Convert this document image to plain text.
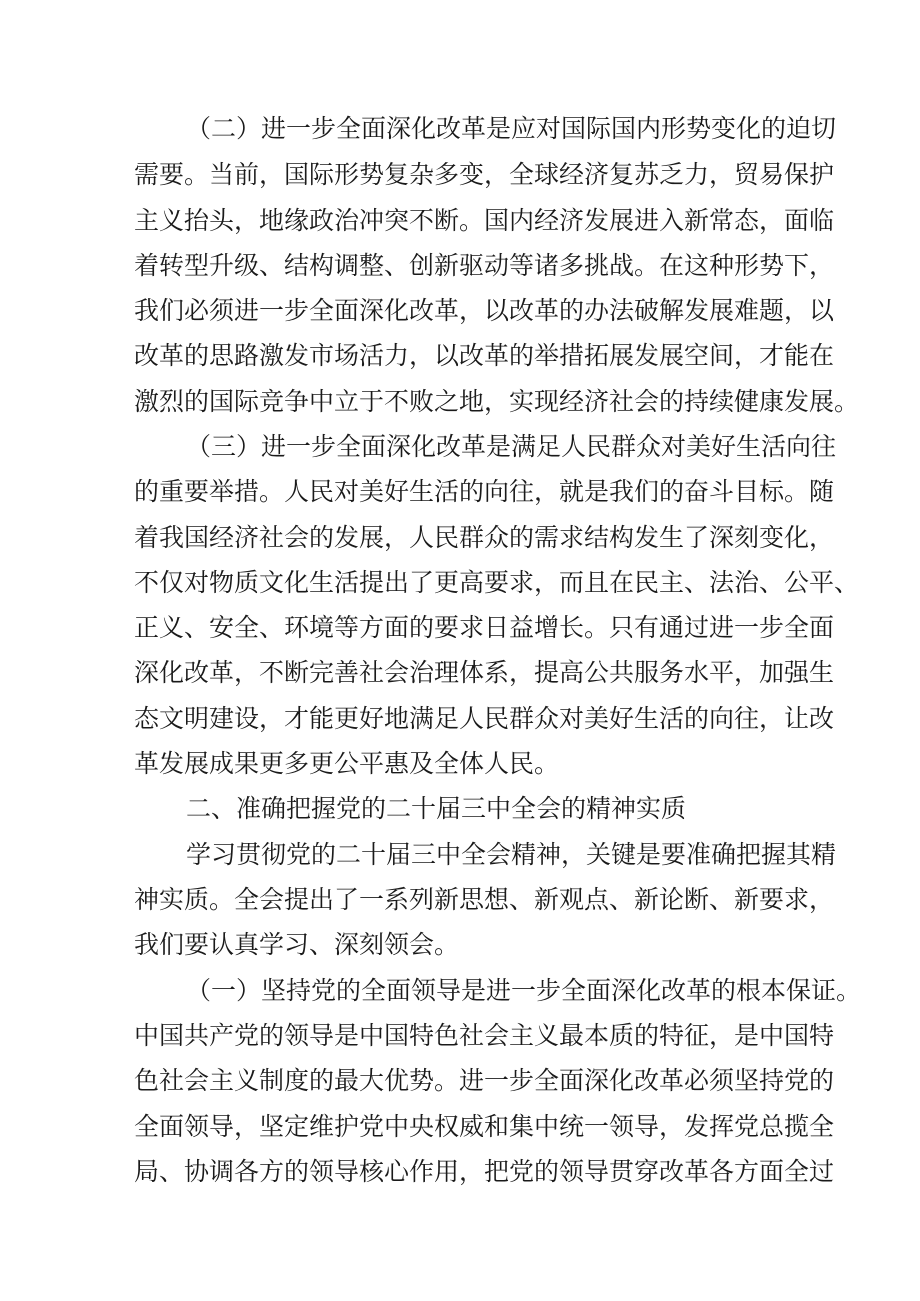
（二）进一步全面深化改革是应对国际国内形势变化的迫切
需要。当前，国际形势复杂多变，全球经济复苏乏力，贸易保护
主义抬头，地缘政治冲突不断。国内经济发展进入新常态，面临
着转型升级、结构调整、创新驱动等诸多挑战。在这种形势下，
我们必须进一步全面深化改革，以改革的办法破解发展难题，以
改革的思路激发市场活力，以改革的举措拓展发展空间，才能在
激烈的国际竞争中立于不败之地，实现经济社会的持续健康发展。
（三）进一步全面深化改革是满足人民群众对美好生活向往
的重要举措。人民对美好生活的向往，就是我们的奋斗目标。随
着我国经济社会的发展，人民群众的需求结构发生了深刻变化，
不仅对物质文化生活提出了更高要求，而且在民主、法治、公平、
正义、安全、环境等方面的要求日益增长。只有通过进一步全面
深化改革，不断完善社会治理体系，提高公共服务水平，加强生
态文明建设，才能更好地满足人民群众对美好生活的向往，让改
革发展成果更多更公平惠及全体人民。
二、准确把握党的二十届三中全会的精神实质
学习贯彻党的二十届三中全会精神，关键是要准确把握其精
神实质。全会提出了一系列新思想、新观点、新论断、新要求，
我们要认真学习、深刻领会。
（一）坚持党的全面领导是进一步全面深化改革的根本保证。
中国共产党的领导是中国特色社会主义最本质的特征，是中国特
色社会主义制度的最大优势。进一步全面深化改革必须坚持党的
全面领导，坚定维护党中央权威和集中统一领导，发挥党总揽全
局、协调各方的领导核心作用，把党的领导贯穿改革各方面全过
